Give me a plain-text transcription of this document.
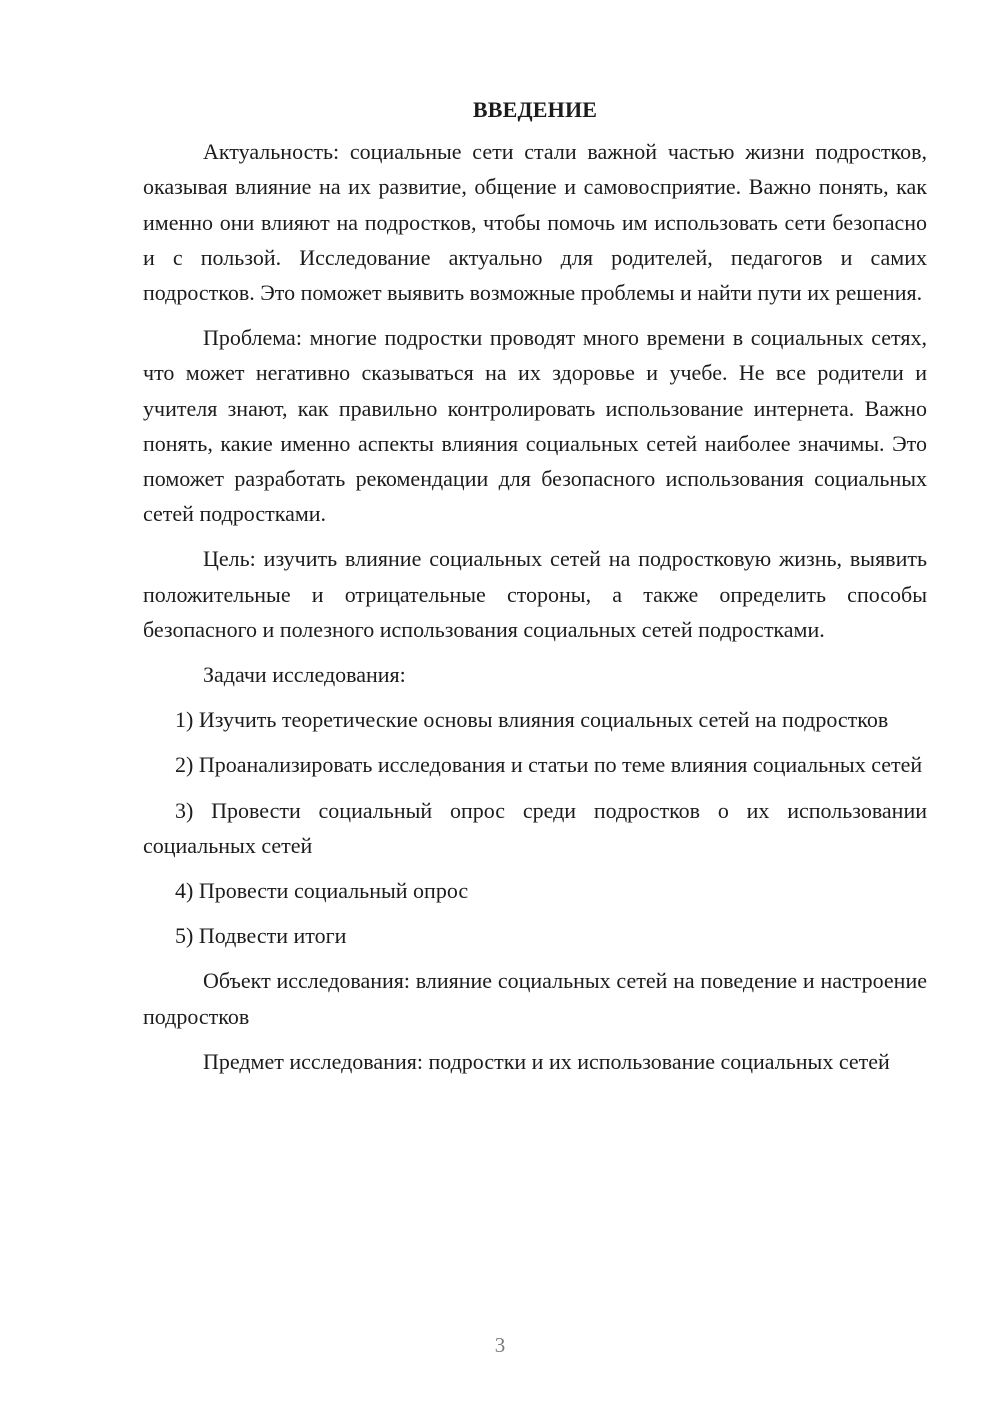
ВВЕДЕНИЕ

Актуальность: социальные сети стали важной частью жизни подростков, оказывая влияние на их развитие, общение и самовосприятие. Важно понять, как именно они влияют на подростков, чтобы помочь им использовать сети безопасно и с пользой. Исследование актуально для родителей, педагогов и самих подростков. Это поможет выявить возможные проблемы и найти пути их решения.

Проблема: многие подростки проводят много времени в социальных сетях, что может негативно сказываться на их здоровье и учебе. Не все родители и учителя знают, как правильно контролировать использование интернета. Важно понять, какие именно аспекты влияния социальных сетей наиболее значимы. Это поможет разработать рекомендации для безопасного использования социальных сетей подростками.

Цель: изучить влияние социальных сетей на подростковую жизнь, выявить положительные и отрицательные стороны, а также определить способы безопасного и полезного использования социальных сетей подростками.

Задачи исследования:

1) Изучить теоретические основы влияния социальных сетей на подростков
2) Проанализировать исследования и статьи по теме влияния социальных сетей
3) Провести социальный опрос среди подростков о их использовании социальных сетей
4) Провести социальный опрос
5) Подвести итоги

Объект исследования: влияние социальных сетей на поведение и настроение подростков

Предмет исследования: подростки и их использование социальных сетей

3
